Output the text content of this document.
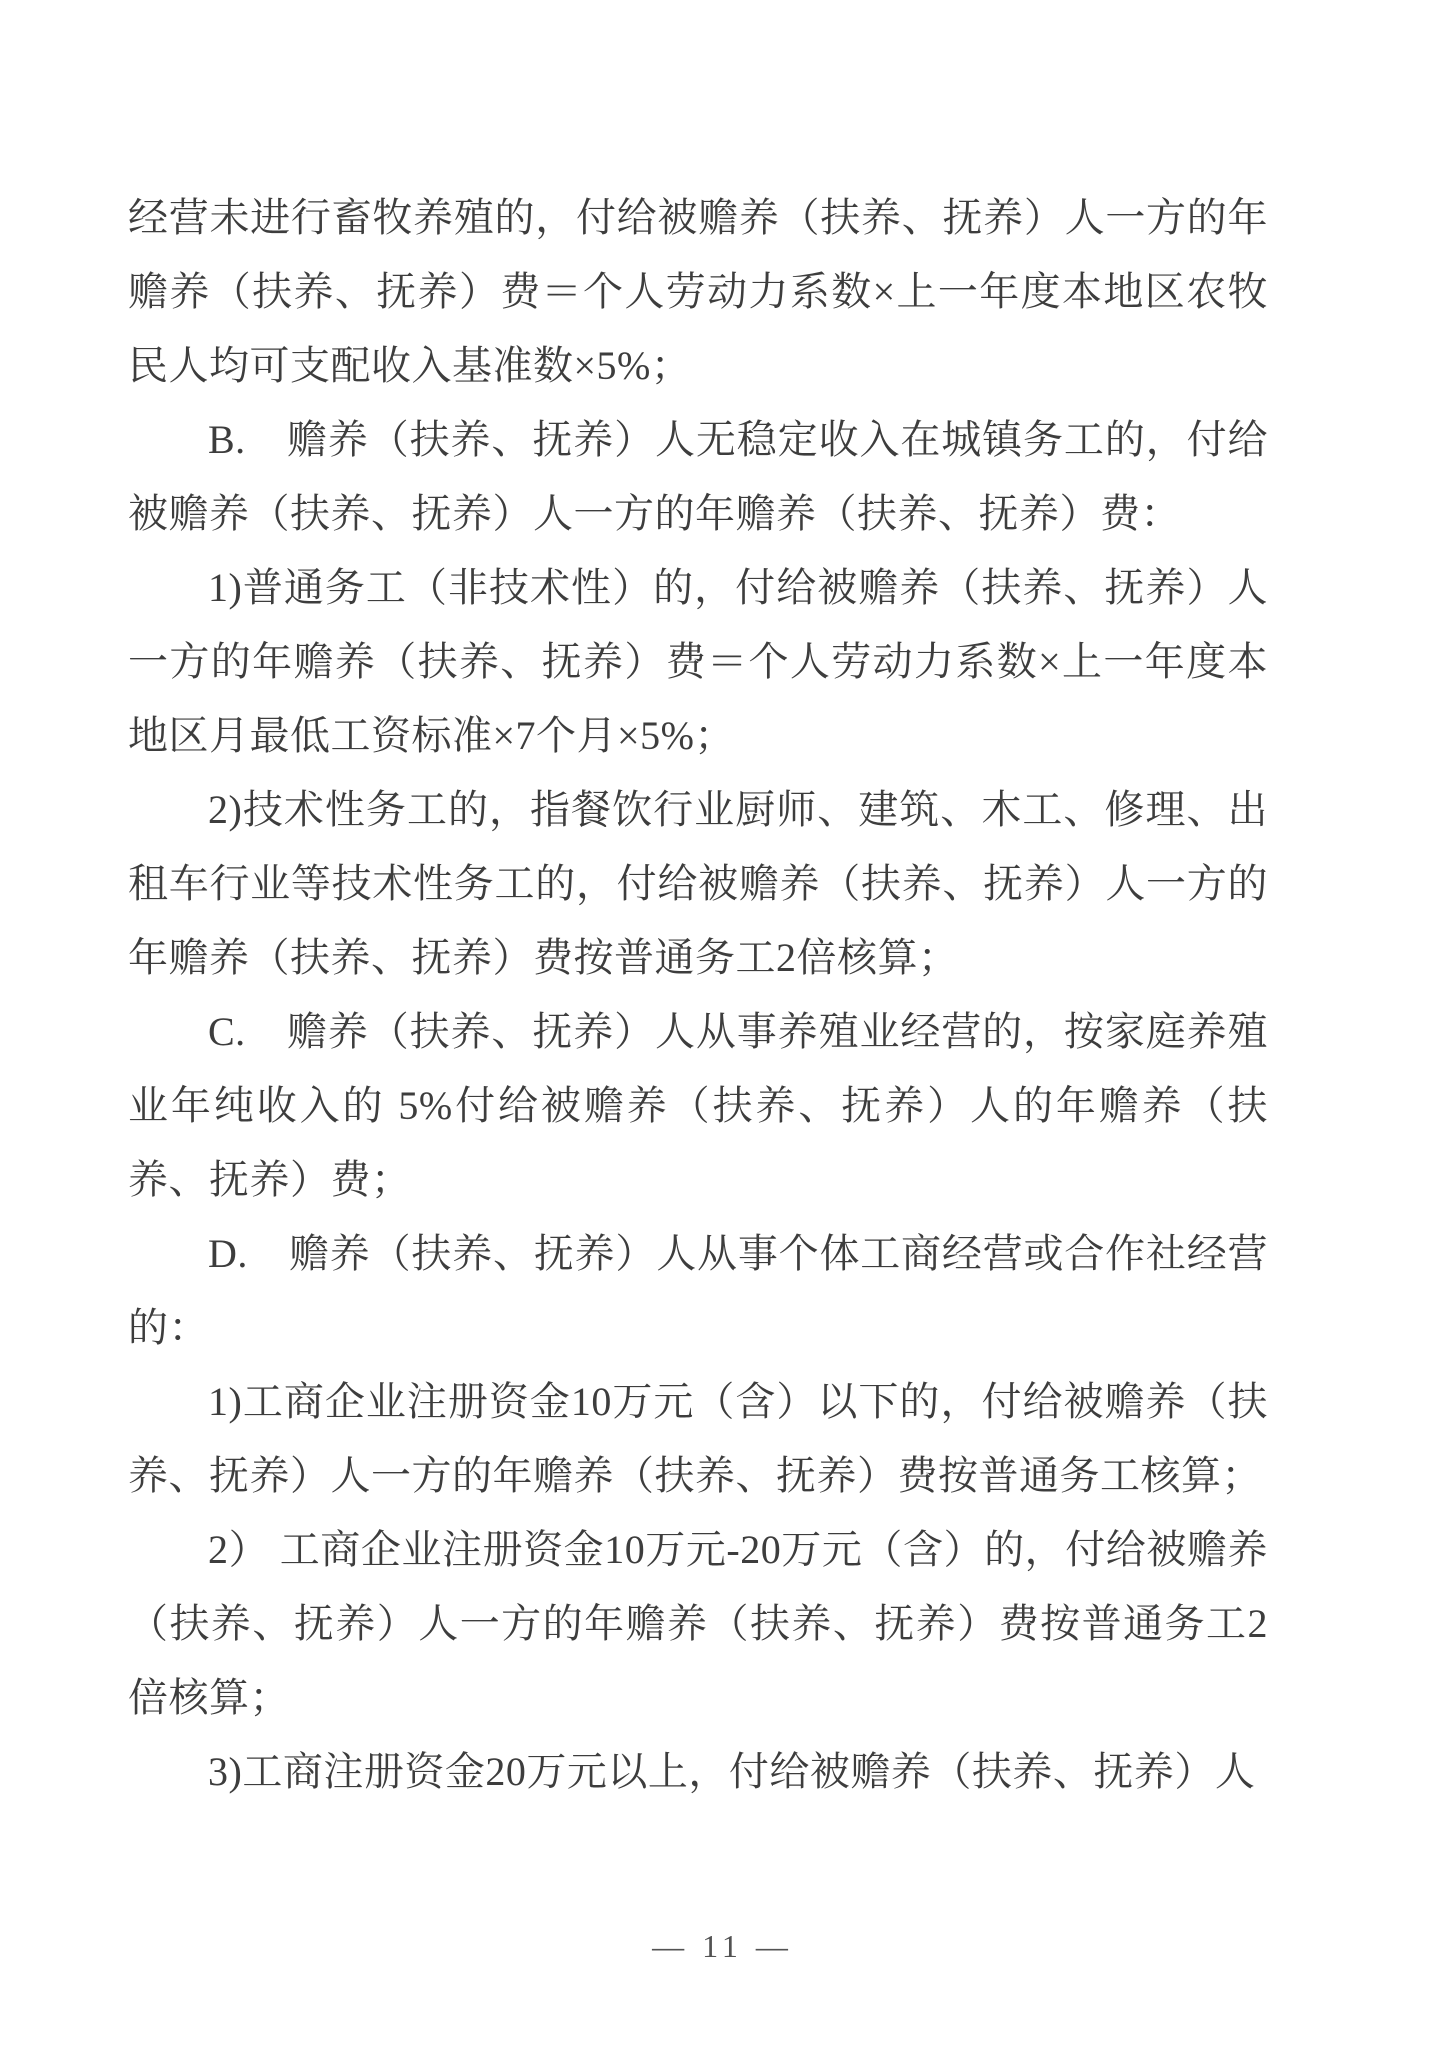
经营未进行畜牧养殖的，付给被赡养（扶养、抚养）人一方的年赡养（扶养、抚养）费＝个人劳动力系数×上一年度本地区农牧民人均可支配收入基准数×5%；

B.　赡养（扶养、抚养）人无稳定收入在城镇务工的，付给被赡养（扶养、抚养）人一方的年赡养（扶养、抚养）费：

1)普通务工（非技术性）的，付给被赡养（扶养、抚养）人一方的年赡养（扶养、抚养）费＝个人劳动力系数×上一年度本地区月最低工资标准×7个月×5%；

2)技术性务工的，指餐饮行业厨师、建筑、木工、修理、出租车行业等技术性务工的，付给被赡养（扶养、抚养）人一方的年赡养（扶养、抚养）费按普通务工2倍核算；

C.　赡养（扶养、抚养）人从事养殖业经营的，按家庭养殖业年纯收入的 5%付给被赡养（扶养、抚养）人的年赡养（扶养、抚养）费；

D.　赡养（扶养、抚养）人从事个体工商经营或合作社经营的：

1)工商企业注册资金10万元（含）以下的，付给被赡养（扶养、抚养）人一方的年赡养（扶养、抚养）费按普通务工核算；

2） 工商企业注册资金10万元-20万元（含）的，付给被赡养（扶养、抚养）人一方的年赡养（扶养、抚养）费按普通务工2倍核算；

3)工商注册资金20万元以上，付给被赡养（扶养、抚养）人

— 11 —
